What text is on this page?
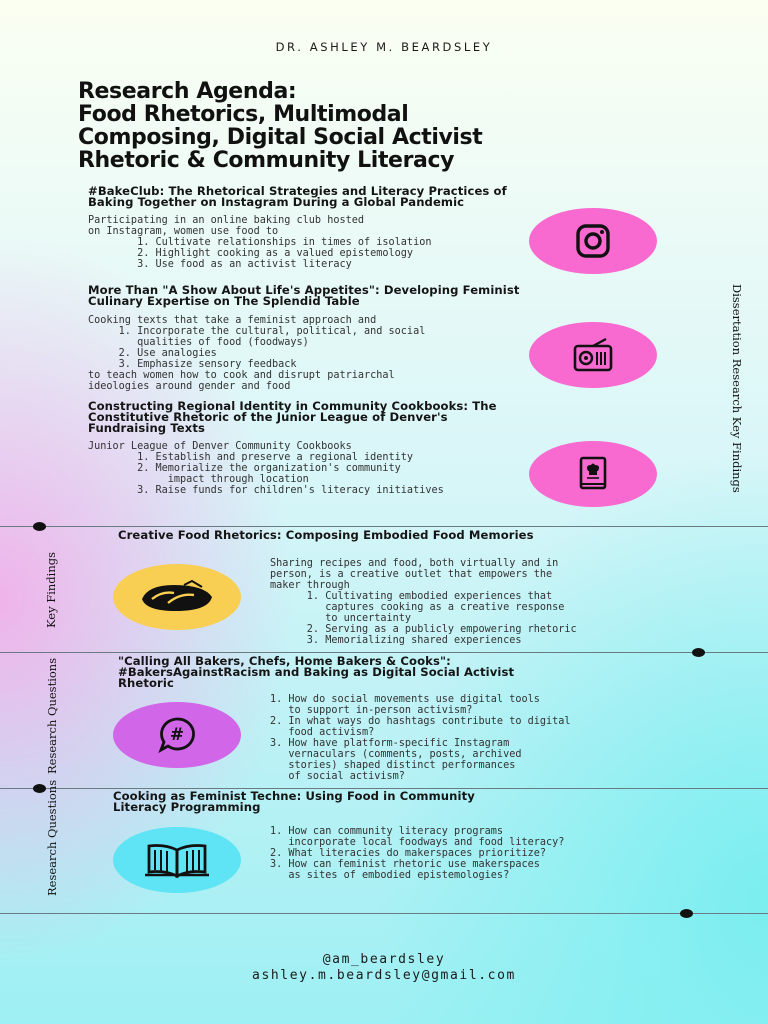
DR. ASHLEY M. BEARDSLEY
Research Agenda:
Food Rhetorics, Multimodal
Composing, Digital Social Activist
Rhetoric & Community Literacy
Dissertation Research Key Findings
#BakeClub: The Rhetorical Strategies and Literacy Practices of
Baking Together on Instagram During a Global Pandemic
Participating in an online baking club hosted
on Instagram, women use food to
1. Cultivate relationships in times of isolation
2. Highlight cooking as a valued epistemology
3. Use food as an activist literacy
More Than "A Show About Life's Appetites": Developing Feminist
Culinary Expertise on The Splendid Table
Cooking texts that take a feminist approach and
1. Incorporate the cultural, political, and social
qualities of food (foodways)
2. Use analogies
3. Emphasize sensory feedback
to teach women how to cook and disrupt patriarchal
ideologies around gender and food
Constructing Regional Identity in Community Cookbooks: The
Constitutive Rhetoric of the Junior League of Denver's
Fundraising Texts
Junior League of Denver Community Cookbooks
1. Establish and preserve a regional identity
2. Memorialize the organization's community
impact through location
3. Raise funds for children's literacy initiatives
Creative Food Rhetorics: Composing Embodied Food Memories
Key Findings	Sharing recipes and food, both virtually and in
person, is a creative outlet that empowers the
maker through
1. Cultivating embodied experiences that
captures cooking as a creative response
to uncertainty
2. Serving as a publicly empowering rhetoric
3. Memorializing shared experiences
"Calling All Bakers, Chefs, Home Bakers & Cooks":
#BakersAgainstRacism and Baking as Digital Social Activist
Rhetoric
Research Questions	#
1. How do social movements use digital tools
to support in-person activism?
2. In what ways do hashtags contribute to digital
food activism?
3. How have platform-specific Instagram
vernaculars (comments, posts, archived
stories) shaped distinct performances
of social activism?
Cooking as Feminist Techne: Using Food in Community
Literacy Programming
Research Questions	1. How can community literacy programs
incorporate local foodways and food literacy?
2. What literacies do makerspaces prioritize?
3. How can feminist rhetoric use makerspaces
as sites of embodied epistemologies?
@am_beardsley
ashley.m.beardsley@gmail.com
